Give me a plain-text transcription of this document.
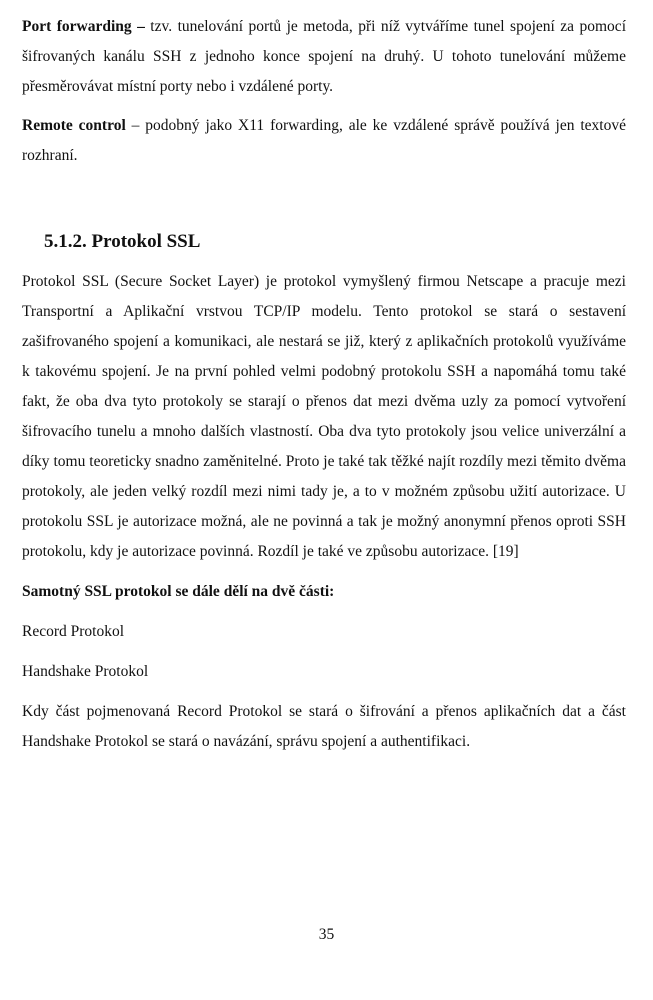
Port forwarding – tzv. tunelování portů je metoda, při níž vytváříme tunel spojení za pomocí šifrovaných kanálu SSH z jednoho konce spojení na druhý. U tohoto tunelování můžeme přesměrovávat místní porty nebo i vzdálené porty.

Remote control – podobný jako X11 forwarding, ale ke vzdálené správě používá jen textové rozhraní.

5.1.2. Protokol SSL

Protokol SSL (Secure Socket Layer) je protokol vymyšlený firmou Netscape a pracuje mezi Transportní a Aplikační vrstvou TCP/IP modelu. Tento protokol se stará o sestavení zašifrovaného spojení a komunikaci, ale nestará se již, který z aplikačních protokolů využíváme k takovému spojení. Je na první pohled velmi podobný protokolu SSH a napomáhá tomu také fakt, že oba dva tyto protokoly se starají o přenos dat mezi dvěma uzly za pomocí vytvoření šifrovacího tunelu a mnoho dalších vlastností. Oba dva tyto protokoly jsou velice univerzální a díky tomu teoreticky snadno zaměnitelné. Proto je také tak těžké najít rozdíly mezi těmito dvěma protokoly, ale jeden velký rozdíl mezi nimi tady je, a to v možném způsobu užití autorizace. U protokolu SSL je autorizace možná, ale ne povinná a tak je možný anonymní přenos oproti SSH protokolu, kdy je autorizace povinná. Rozdíl je také ve způsobu autorizace. [19]

Samotný SSL protokol se dále dělí na dvě části:

Record Protokol

Handshake Protokol

Kdy část pojmenovaná Record Protokol se stará o šifrování a přenos aplikačních dat a část Handshake Protokol se stará o navázání, správu spojení a authentifikaci.

35
